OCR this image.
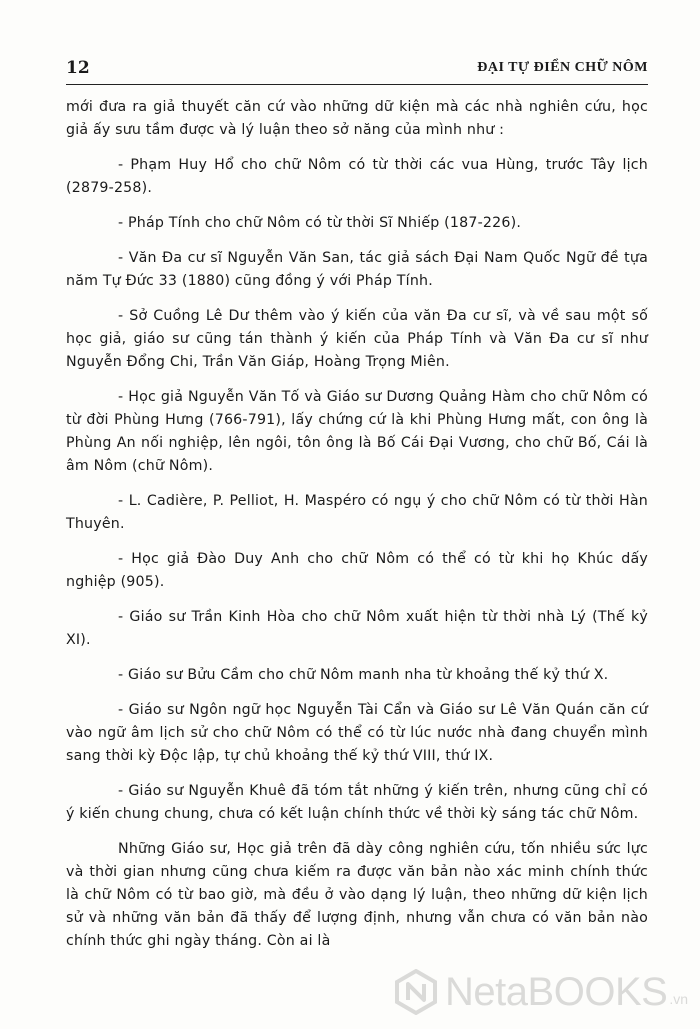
12	ĐẠI TỰ ĐIỂN CHỮ NÔM

mới đưa ra giả thuyết căn cứ vào những dữ kiện mà các nhà nghiên cứu, học giả ấy sưu tầm được và lý luận theo sở năng của mình như :

- Phạm Huy Hổ cho chữ Nôm có từ thời các vua Hùng, trước Tây lịch (2879-258).

- Pháp Tính cho chữ Nôm có từ thời Sĩ Nhiếp (187-226).

- Văn Đa cư sĩ Nguyễn Văn San, tác giả sách Đại Nam Quốc Ngữ đề tựa năm Tự Đức 33 (1880) cũng đồng ý với Pháp Tính.

- Sở Cuồng Lê Dư thêm vào ý kiến của văn Đa cư sĩ, và về sau một số học giả, giáo sư cũng tán thành ý kiến của Pháp Tính và Văn Đa cư sĩ như Nguyễn Đổng Chi, Trần Văn Giáp, Hoàng Trọng Miên.

- Học giả Nguyễn Văn Tố và Giáo sư Dương Quảng Hàm cho chữ Nôm có từ đời Phùng Hưng (766-791), lấy chứng cứ là khi Phùng Hưng mất, con ông là Phùng An nối nghiệp, lên ngôi, tôn ông là Bố Cái Đại Vương, cho chữ Bố, Cái là âm Nôm (chữ Nôm).

- L. Cadière, P. Pelliot, H. Maspéro có ngụ ý cho chữ Nôm có từ thời Hàn Thuyên.

- Học giả Đào Duy Anh cho chữ Nôm có thể có từ khi họ Khúc dấy nghiệp (905).

- Giáo sư Trần Kinh Hòa cho chữ Nôm xuất hiện từ thời nhà Lý (Thế kỷ XI).

- Giáo sư Bửu Cầm cho chữ Nôm manh nha từ khoảng thế kỷ thứ X.

- Giáo sư Ngôn ngữ học Nguyễn Tài Cẩn và Giáo sư Lê Văn Quán căn cứ vào ngữ âm lịch sử cho chữ Nôm có thể có từ lúc nước nhà đang chuyển mình sang thời kỳ Độc lập, tự chủ khoảng thế kỷ thứ VIII, thứ IX.

- Giáo sư Nguyễn Khuê đã tóm tắt những ý kiến trên, nhưng cũng chỉ có ý kiến chung chung, chưa có kết luận chính thức về thời kỳ sáng tác chữ Nôm.

Những Giáo sư, Học giả trên đã dày công nghiên cứu, tốn nhiều sức lực và thời gian nhưng cũng chưa kiếm ra được văn bản nào xác minh chính thức là chữ Nôm có từ bao giờ, mà đều ở vào dạng lý luận, theo những dữ kiện lịch sử và những văn bản đã thấy để lượng định, nhưng vẫn chưa có văn bản nào chính thức ghi ngày tháng. Còn ai là

NetaBOOKS .vn
